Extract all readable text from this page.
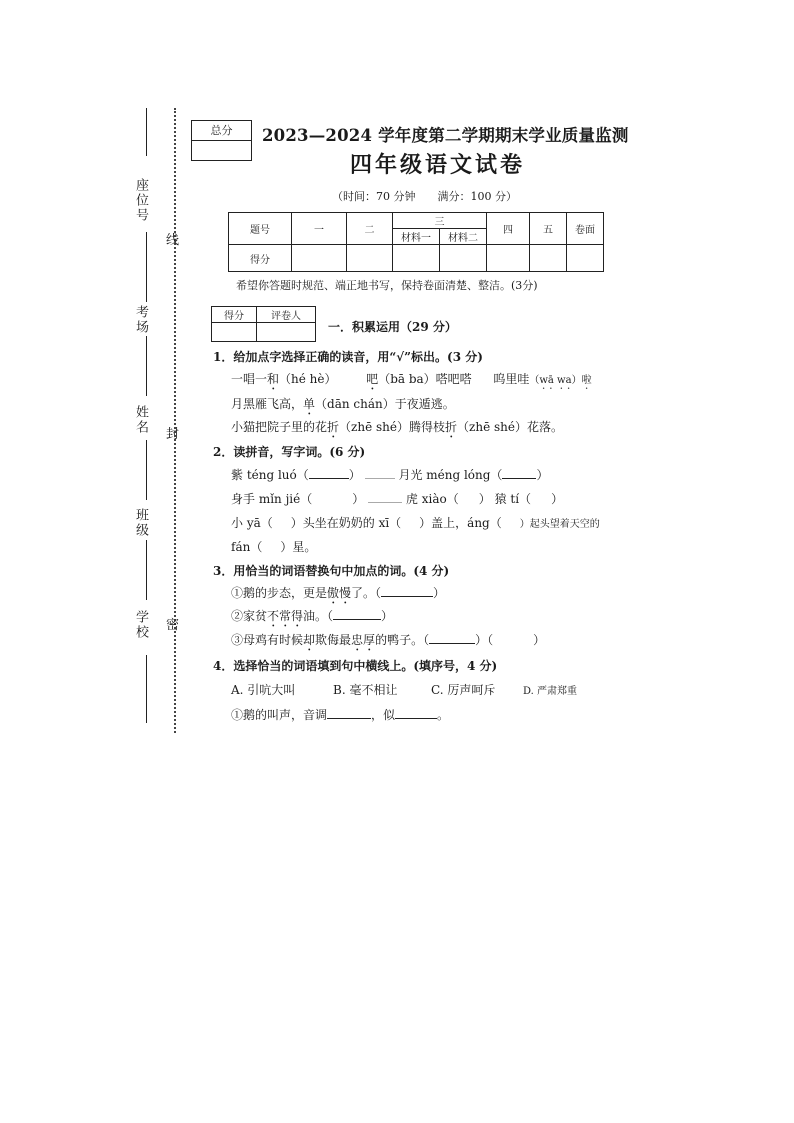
座位号
考场
姓名
班级
学校
线
封
密
总分	2023—2024 学年度第二学期期末学业质量监测
四年级语文试卷
（时间：70 分钟　　满分：100 分）
题号	一	二	三		四	五	卷面
			材料一	材料二			
得分							
希望你答题时规范、端正地书写，保持卷面清楚、整洁。(3分)
得分	评卷人

一．积累运用（29 分）
1．给加点字选择正确的读音，用“√”标出。(3 分)
一唱一和（hé hè） 吧（bā ba）嗒吧嗒 呜里哇（wā wa）啦
月黑雁飞高，单（dān chán）于夜遁逃。
小猫把院子里的花折（zhē shé）腾得枝折（zhē shé）花落。
2．读拼音，写字词。(6 分)
紫 téng luó（	）	月光 méng lóng（	）
身手 mǐn jié（	）	虎 xiào（ ） 猿 tí（ ）
小 yā（ ）头坐在奶奶的 xī（ ）盖上，áng（ ）起头望着天空的
fán（ ）星。
3．用恰当的词语替换句中加点的词。(4 分)
①鹅的步态，更是傲慢了。（	）
②家贫不常得油。（	）
③母鸡有时候却欺侮最忠厚的鸭子。（	）（	）
4．选择恰当的词语填到句中横线上。(填序号，4 分)
A. 引吭大叫	B. 毫不相让	C. 厉声呵斥	D. 严肃郑重
①鹅的叫声，音调	，似	。
